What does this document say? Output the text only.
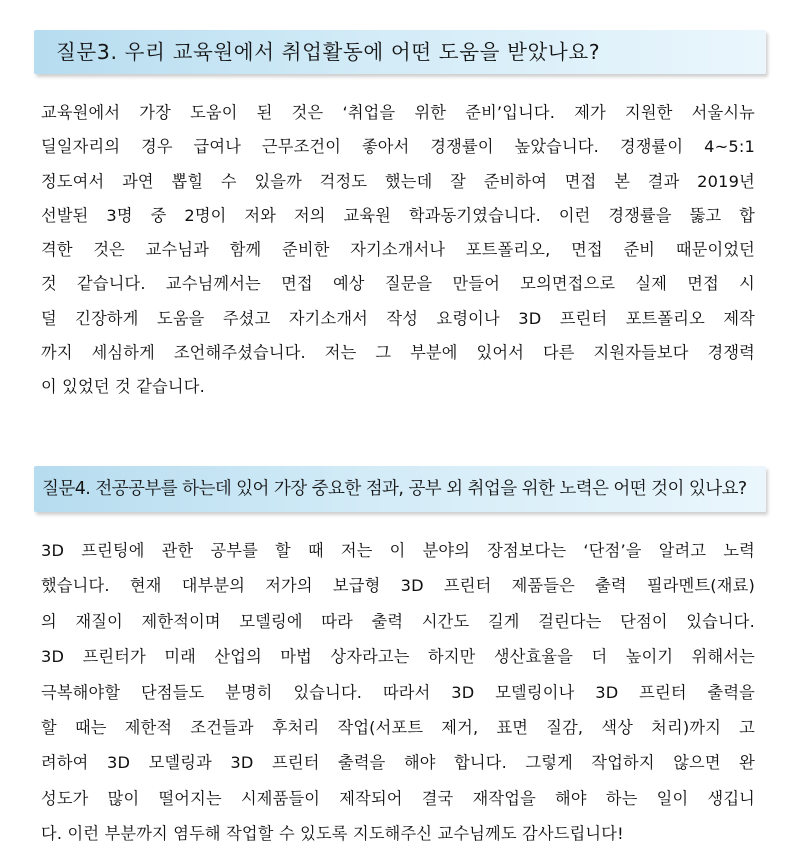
질문3. 우리 교육원에서 취업활동에 어떤 도움을 받았나요?
교육원에서 가장 도움이 된 것은 ‘취업을 위한 준비’입니다. 제가 지원한 서울시뉴
딜일자리의 경우 급여나 근무조건이 좋아서 경쟁률이 높았습니다. 경쟁률이 4~5:1
정도여서 과연 뽑힐 수 있을까 걱정도 했는데 잘 준비하여 면접 본 결과 2019년
선발된 3명 중 2명이 저와 저의 교육원 학과동기였습니다. 이런 경쟁률을 뚫고 합
격한 것은 교수님과 함께 준비한 자기소개서나 포트폴리오, 면접 준비 때문이었던
것 같습니다. 교수님께서는 면접 예상 질문을 만들어 모의면접으로 실제 면접 시
덜 긴장하게 도움을 주셨고 자기소개서 작성 요령이나 3D 프린터 포트폴리오 제작
까지 세심하게 조언해주셨습니다. 저는 그 부분에 있어서 다른 지원자들보다 경쟁력
이 있었던 것 같습니다.
질문4. 전공공부를 하는데 있어 가장 중요한 점과, 공부 외 취업을 위한 노력은 어떤 것이 있나요?
3D 프린팅에 관한 공부를 할 때 저는 이 분야의 장점보다는 ‘단점’을 알려고 노력
했습니다. 현재 대부분의 저가의 보급형 3D 프린터 제품들은 출력 필라멘트(재료)
의 재질이 제한적이며 모델링에 따라 출력 시간도 길게 걸린다는 단점이 있습니다.
3D 프린터가 미래 산업의 마법 상자라고는 하지만 생산효율을 더 높이기 위해서는
극복해야할 단점들도 분명히 있습니다. 따라서 3D 모델링이나 3D 프린터 출력을
할 때는 제한적 조건들과 후처리 작업(서포트 제거, 표면 질감, 색상 처리)까지 고
려하여 3D 모델링과 3D 프린터 출력을 해야 합니다. 그렇게 작업하지 않으면 완
성도가 많이 떨어지는 시제품들이 제작되어 결국 재작업을 해야 하는 일이 생깁니
다. 이런 부분까지 염두해 작업할 수 있도록 지도해주신 교수님께도 감사드립니다!
